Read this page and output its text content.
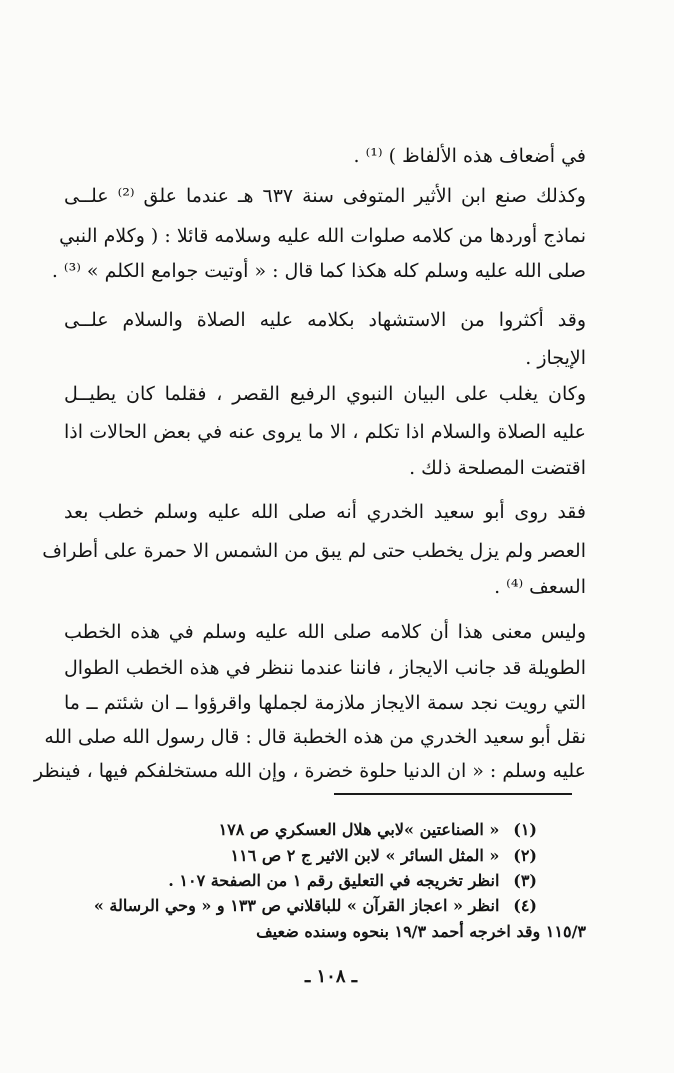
في أضعاف هذه الألفاظ ) ⁽¹⁾ .

وكذلك صنع ابن الأثير المتوفى سنة ٦٣٧ هـ عندما علق ⁽²⁾ علــى

نماذج أوردها من كلامه صلوات الله عليه وسلامه قائلا : ( وكلام النبي

صلى الله عليه وسلم كله هكذا كما قال : « أوتيت جوامع الكلم » ⁽³⁾ .

وقد أكثروا من الاستشهاد بكلامه عليه الصلاة والسلام علــى

الإيجاز .

وكان يغلب على البيان النبوي الرفيع القصر ، فقلما كان يطيــل

عليه الصلاة والسلام اذا تكلم ، الا ما يروى عنه في بعض الحالات اذا

اقتضت المصلحة ذلك .

فقد روى أبو سعيد الخدري أنه صلى الله عليه وسلم خطب بعد

العصر ولم يزل يخطب حتى لم يبق من الشمس الا حمرة على أطراف

السعف ⁽⁴⁾ .

وليس معنى هذا أن كلامه صلى الله عليه وسلم في هذه الخطب

الطويلة قد جانب الايجاز ، فاننا عندما ننظر في هذه الخطب الطوال

التي رويت نجد سمة الايجاز ملازمة لجملها واقرؤوا ــ ان شئتم ــ ما

نقل أبو سعيد الخدري من هذه الخطبة قال : قال رسول الله صلى الله

عليه وسلم : « ان الدنيا حلوة خضرة ، وإن الله مستخلفكم فيها ، فينظر

(١) « الصناعتين »لابي هلال العسكري ص ١٧٨
(٢) « المثل السائر » لابن الاثير ج ٢ ص ١١٦
(٣) انظر تخريجه في التعليق رقم ١ من الصفحة ١٠٧ .
(٤) انظر « اعجاز القرآن » للباقلاني ص ١٣٣ و « وحي الرسالة »
١١٥/٣ وقد اخرجه أحمد ١٩/٣ بنحوه وسنده ضعيف
ـ ١٠٨ ـ
